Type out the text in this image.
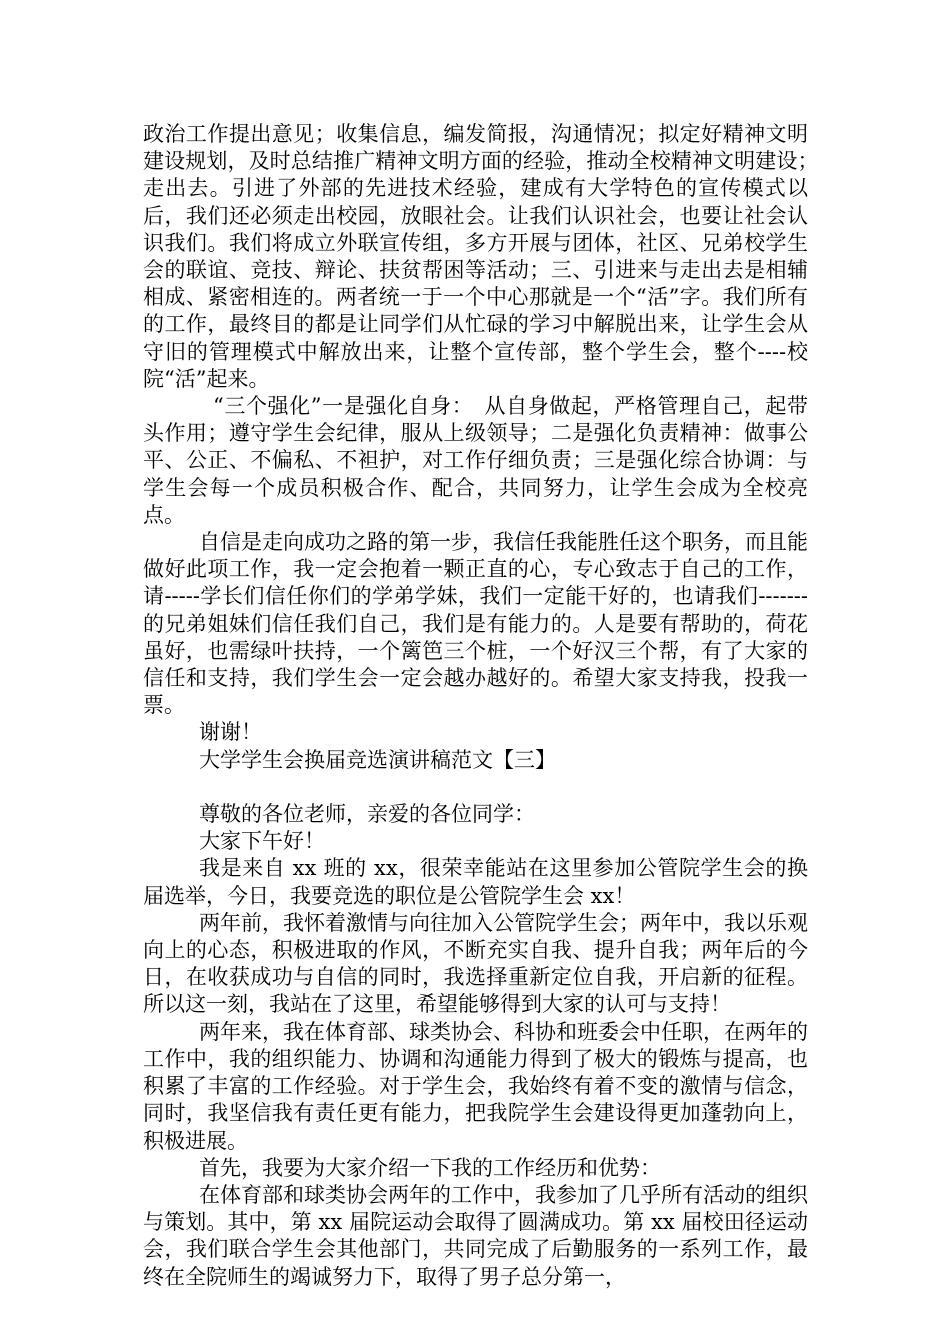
政治工作提出意见；收集信息，编发简报，沟通情况；拟定好精神文明建设规划，及时总结推广精神文明方面的经验，推动全校精神文明建设；　走出去。引进了外部的先进技术经验，建成有大学特色的宣传模式以后，我们还必须走出校园，放眼社会。让我们认识社会，也要让社会认识我们。我们将成立外联宣传组，多方开展与团体，社区、兄弟校学生会的联谊、竞技、辩论、扶贫帮困等活动；三、引进来与走出去是相辅相成、紧密相连的。两者统一于一个中心那就是一个“活”字。我们所有的工作，最终目的都是让同学们从忙碌的学习中解脱出来，让学生会从守旧的管理模式中解放出来，让整个宣传部，整个学生会，整个----校院“活”起来。

“三个强化”一是强化自身：　从自身做起，严格管理自己，起带头作用；遵守学生会纪律，服从上级领导；二是强化负责精神：做事公平、公正、不偏私、不袒护，对工作仔细负责；三是强化综合协调：与学生会每一个成员积极合作、配合，共同努力，让学生会成为全校亮点。

自信是走向成功之路的第一步，我信任我能胜任这个职务，而且能做好此项工作，我一定会抱着一颗正直的心，专心致志于自己的工作，请-----学长们信任你们的学弟学妹，我们一定能干好的，也请我们-------的兄弟姐妹们信任我们自己，我们是有能力的。人是要有帮助的，荷花虽好，也需绿叶扶持，一个篱笆三个桩，一个好汉三个帮，有了大家的信任和支持，我们学生会一定会越办越好的。希望大家支持我，投我一票。

谢谢！

大学学生会换届竞选演讲稿范文【三】

尊敬的各位老师，亲爱的各位同学：

大家下午好！

我是来自 xx 班的 xx，很荣幸能站在这里参加公管院学生会的换届选举，今日，我要竞选的职位是公管院学生会 xx！

两年前，我怀着激情与向往加入公管院学生会；两年中，我以乐观向上的心态，积极进取的作风，不断充实自我、提升自我；两年后的今日，在收获成功与自信的同时，我选择重新定位自我，开启新的征程。所以这一刻，我站在了这里，希望能够得到大家的认可与支持！

两年来，我在体育部、球类协会、科协和班委会中任职，在两年的工作中，我的组织能力、协调和沟通能力得到了极大的锻炼与提高，也积累了丰富的工作经验。对于学生会，我始终有着不变的激情与信念，同时，我坚信我有责任更有能力，把我院学生会建设得更加蓬勃向上，积极进展。

首先，我要为大家介绍一下我的工作经历和优势：

在体育部和球类协会两年的工作中，我参加了几乎所有活动的组织与策划。其中，第 xx 届院运动会取得了圆满成功。第 xx 届校田径运动会，我们联合学生会其他部门，共同完成了后勤服务的一系列工作，最终在全院师生的竭诚努力下，取得了男子总分第一，
